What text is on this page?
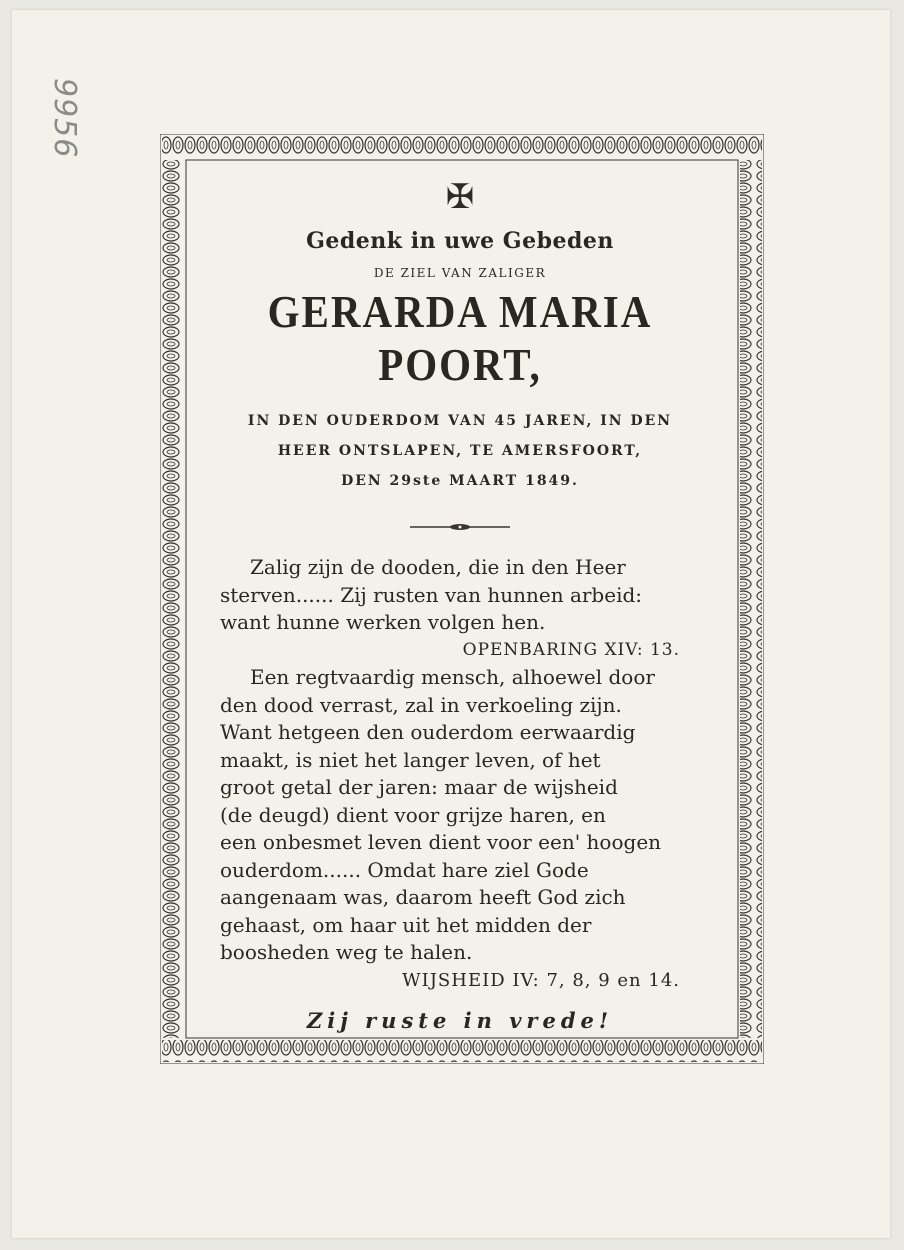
9956
✠
Gedenk in uwe Gebeden
DE ZIEL VAN ZALIGER
GERARDA MARIA POORT,
IN DEN OUDERDOM VAN 45 JAREN, IN DEN
HEER ONTSLAPEN, TE AMERSFOORT,
DEN 29ste MAART 1849.
Zalig zijn de dooden, die in den Heer
sterven...... Zij rusten van hunnen arbeid:
want hunne werken volgen hen.
OPENBARING XIV: 13.
Een regtvaardig mensch, alhoewel door
den dood verrast, zal in verkoeling zijn.
Want hetgeen den ouderdom eerwaardig
maakt, is niet het langer leven, of het
groot getal der jaren: maar de wijsheid
(de deugd) dient voor grijze haren, en
een onbesmet leven dient voor een' hoogen
ouderdom...... Omdat hare ziel Gode
aangenaam was, daarom heeft God zich
gehaast, om haar uit het midden der
boosheden weg te halen.
WIJSHEID IV: 7, 8, 9 en 14.
Zij ruste in vrede!
